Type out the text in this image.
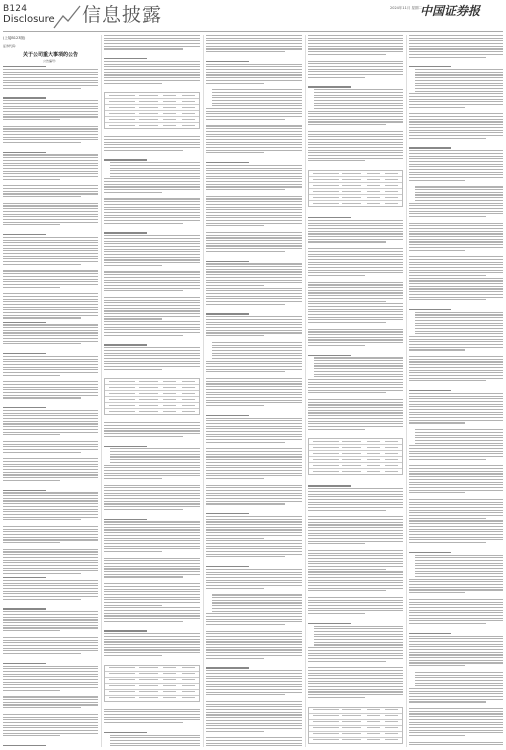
B124
Disclosure 信息披露	2024年11月 星期二
中国证券报
(上接B123版)
证券代码：
关于公司重大事项的公告
公告编号：
